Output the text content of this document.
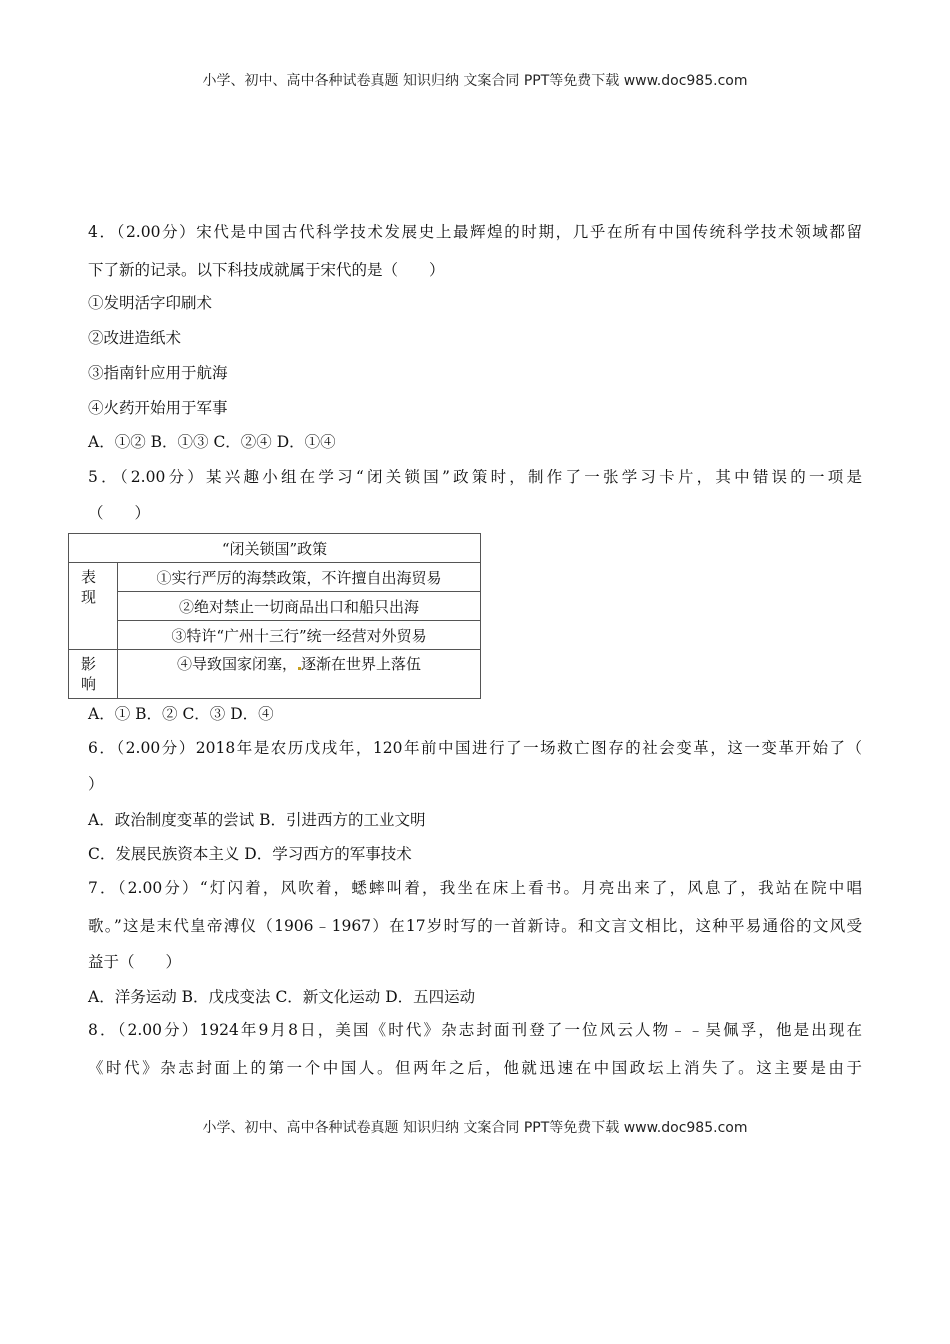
小学、初中、高中各种试卷真题 知识归纳 文案合同 PPT等免费下载 www.doc985.com
4．（2.00分）宋代是中国古代科学技术发展史上最辉煌的时期，几乎在所有中国传统科学技术领域都留
下了新的记录。以下科技成就属于宋代的是（　　）
①发明活字印刷术
②改进造纸术
③指南针应用于航海
④火药开始用于军事
A．①② B．①③ C．②④ D．①④
5．（2.00分）某兴趣小组在学习“闭关锁国”政策时，制作了一张学习卡片，其中错误的一项是
（　　）
“闭关锁国”政策	

表现	①实行严厉的海禁政策，不许擅自出海贸易
	②绝对禁止一切商品出口和船只出海
	③特许“广州十三行”统一经营对外贸易

影响	④导致国家闭塞， 逐渐在世界上落伍
A．① B．② C．③ D．④
6．（2.00分）2018年是农历戊戌年，120年前中国进行了一场救亡图存的社会变革，这一变革开始了（
）
A．政治制度变革的尝试 B．引进西方的工业文明
C．发展民族资本主义 D．学习西方的军事技术
7．（2.00分）“灯闪着，风吹着，蟋蟀叫着，我坐在床上看书。月亮出来了，风息了，我站在院中唱
歌。”这是末代皇帝溥仪（1906﹣1967）在17岁时写的一首新诗。和文言文相比，这种平易通俗的文风受
益于（　　）
A．洋务运动 B．戊戌变法 C．新文化运动 D．五四运动
8．（2.00分）1924年9月8日，美国《时代》杂志封面刊登了一位风云人物﹣﹣吴佩孚，他是出现在
《时代》杂志封面上的第一个中国人。但两年之后，他就迅速在中国政坛上消失了。这主要是由于
小学、初中、高中各种试卷真题 知识归纳 文案合同 PPT等免费下载 www.doc985.com
